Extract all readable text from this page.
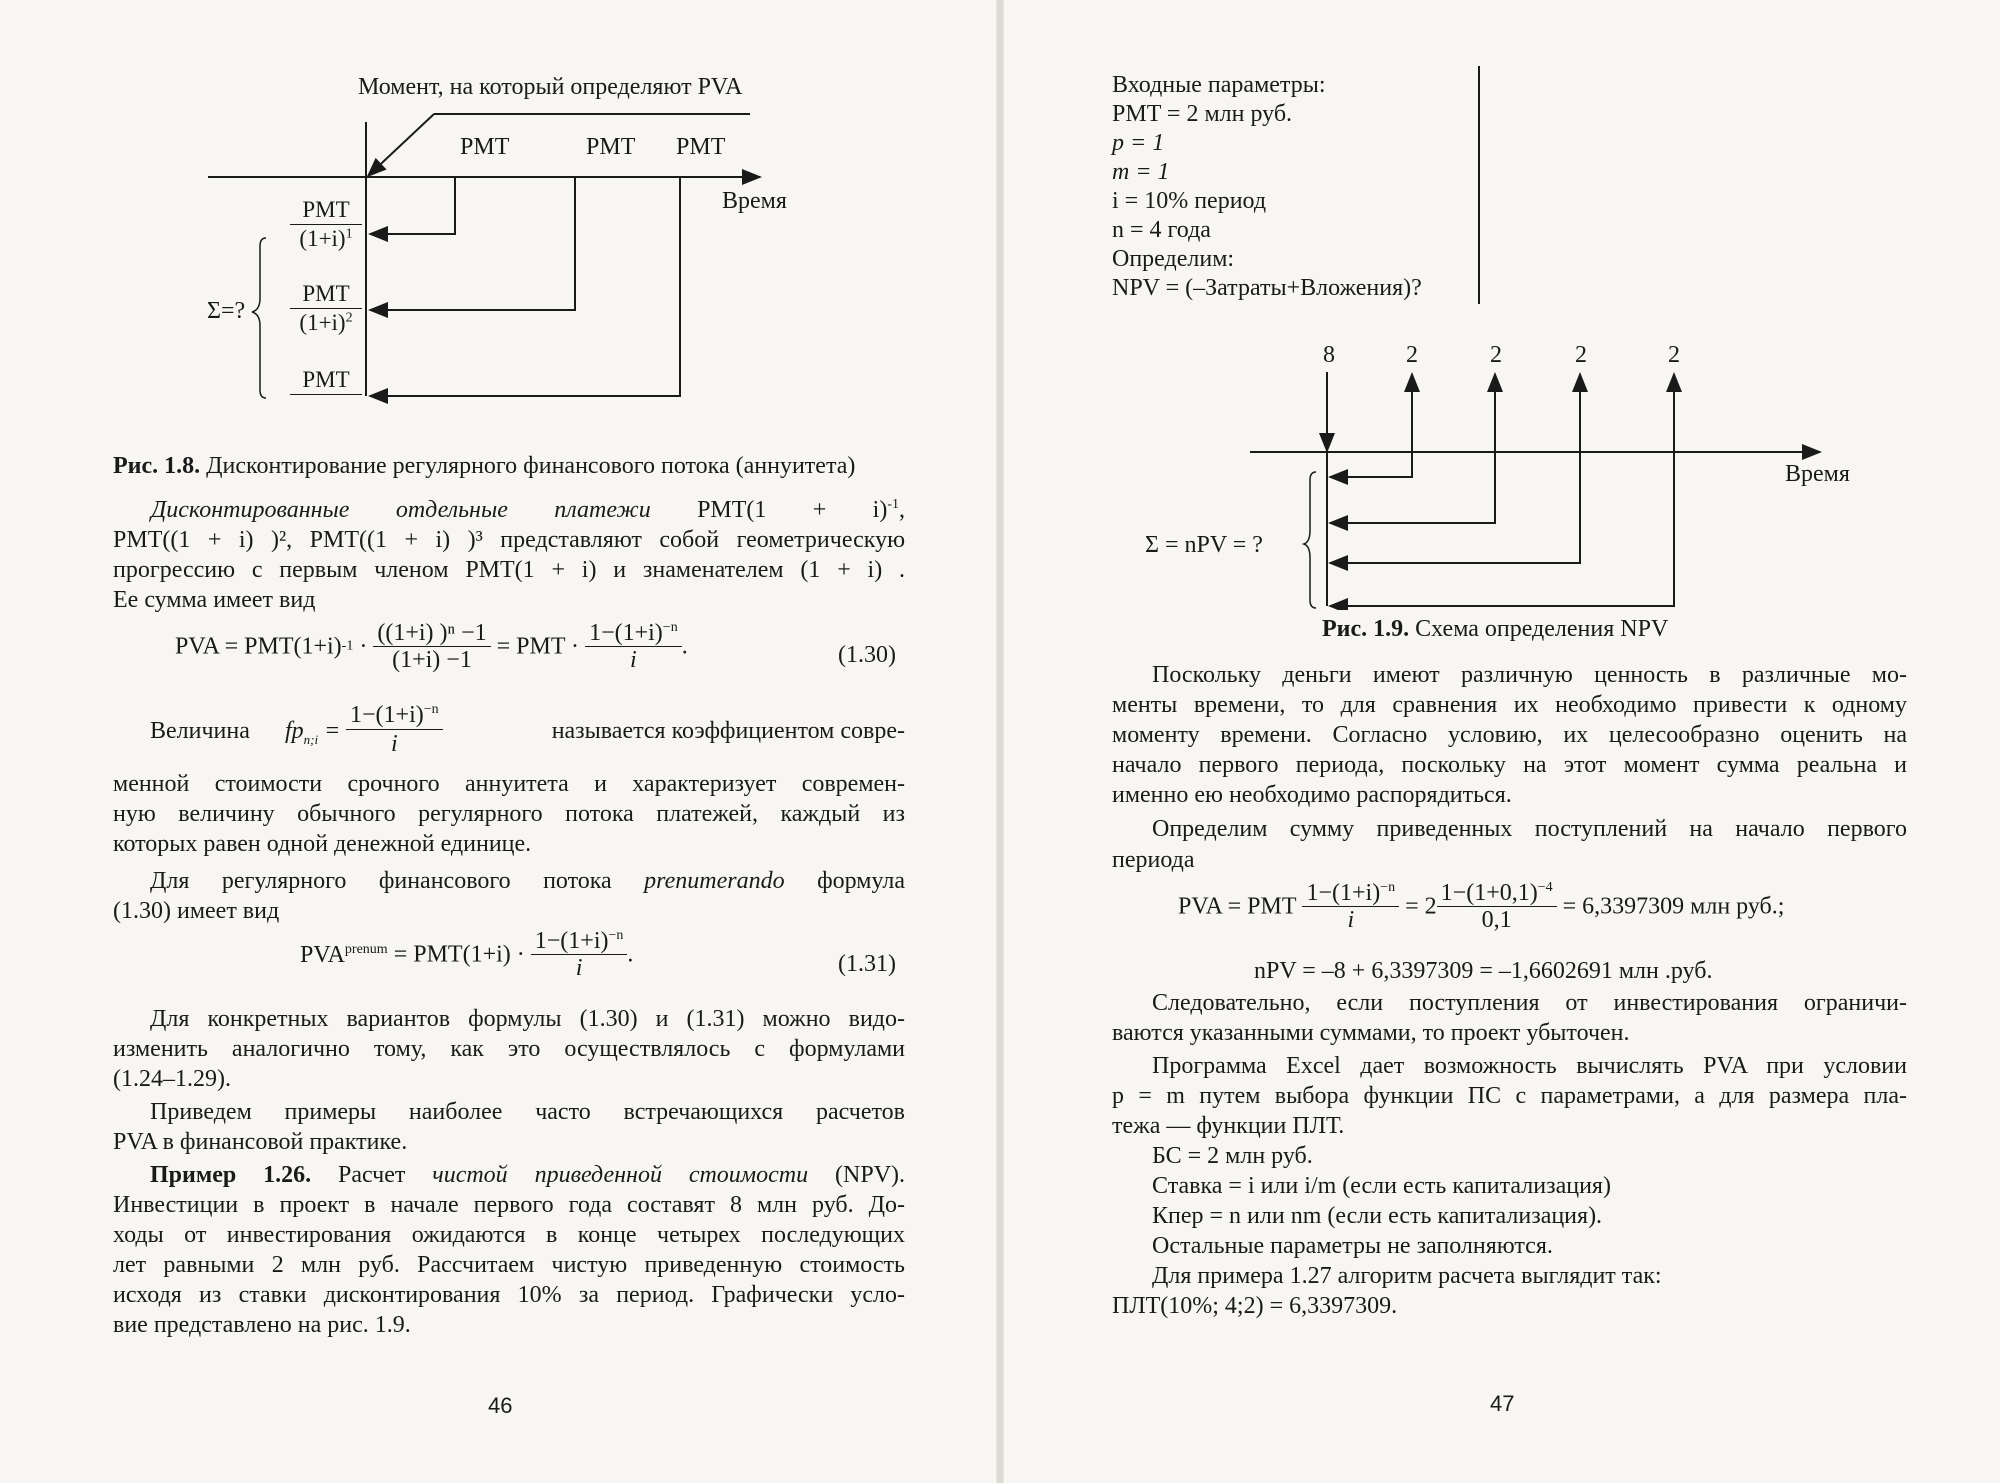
Момент, на который определяют PVA
PMT	PMT PMT
Время
Σ=?
PMT
$(1+i)^1$
PMT
$(1+i)^2$
PMT
Рис. 1.8. Дисконтирование регулярного финансового потока (аннуитета)
Дисконтированные отдельные платежи $PMT(1 + i)^{-1}$,
PMT((1 + i) )², PMT((1 + i) )³ представляют собой геометрическую
прогрессию с первым членом PMT(1 + i) и знаменателем (1 + i) .
Ее сумма имеет вид
PVA = $PMT(1+i)-1 \cdot \frac{\text{((1+i) )ⁿ −1}}{(1+i) -1}$ = PMT · $\frac{1-(1+i)^{-n}}{i}$ .	(1.30)
Величина $fp_{n;i}$ =
$1-(1+i)^{-n}$
i	называется коэффициентом совре-
менной стоимости срочного аннуитета и характеризует современ-
ную величину обычного регулярного потока платежей, каждый из
которых равен одной денежной единице.
Для регулярного финансового потока prenumerando формула
(1.30) имеет вид
$PVA^{prenum} = PMT(1+i) \cdot \frac{1-(1+i)^{-n}}{i}$ .	(1.31)
Для конкретных вариантов формулы (1.30) и (1.31) можно видо-
изменить аналогично тому, как это осуществлялось с формулами
(1.24–1.29).
Приведем примеры наиболее часто встречающихся расчетов
PVA в финансовой практике.
Пример 1.26. Расчет чистой приведенной стоимости (NPV).
Инвестиции в проект в начале первого года составят 8 млн руб. До-
ходы от инвестирования ожидаются в конце четырех последующих
лет равными 2 млн руб. Рассчитаем чистую приведенную стоимость
исходя из ставки дисконтирования 10% за период. Графически усло-
вие представлено на рис. 1.9.
46
Входные параметры:
PMT = 2 млн руб.
p = 1
m = 1
i = 10% период
n = 4 года
Определим:
NPV = (–Затраты+Вложения)?
8	2	2	2	2
Время
Σ = nPV = ?
Рис. 1.9. Схема определения NPV
Поскольку деньги имеют различную ценность в различные мо-
менты времени, то для сравнения их необходимо привести к одному
моменту времени. Согласно условию, их целесообразно оценить на
начало первого периода, поскольку на этот момент сумма реальна и
именно ею необходимо распорядиться.
Определим сумму приведенных поступлений на начало первого
периода
PVA = PMT $\frac{1-(1+i)^{-n}}{i} = 2 \frac{1-(1+0,1)^{-4}}{0,1} = 6,3397309$ млн руб.;
nPV = –8 + 6,3397309 = –1,6602691 млн .руб.
Следовательно, если поступления от инвестирования ограничи-
ваются указанными суммами, то проект убыточен.
Программа Excel дает возможность вычислять PVA при условии
p = m путем выбора функции ПС с параметрами, а для размера пла-
тежа — функции ПЛТ.
БС = 2 млн руб.
Ставка = i или i/m (если есть капитализация)
Кпер = n или nm (если есть капитализация).
Остальные параметры не заполняются.
Для примера 1.27 алгоритм расчета выглядит так:
ПЛТ(10%; 4;2) = 6,3397309.
47
